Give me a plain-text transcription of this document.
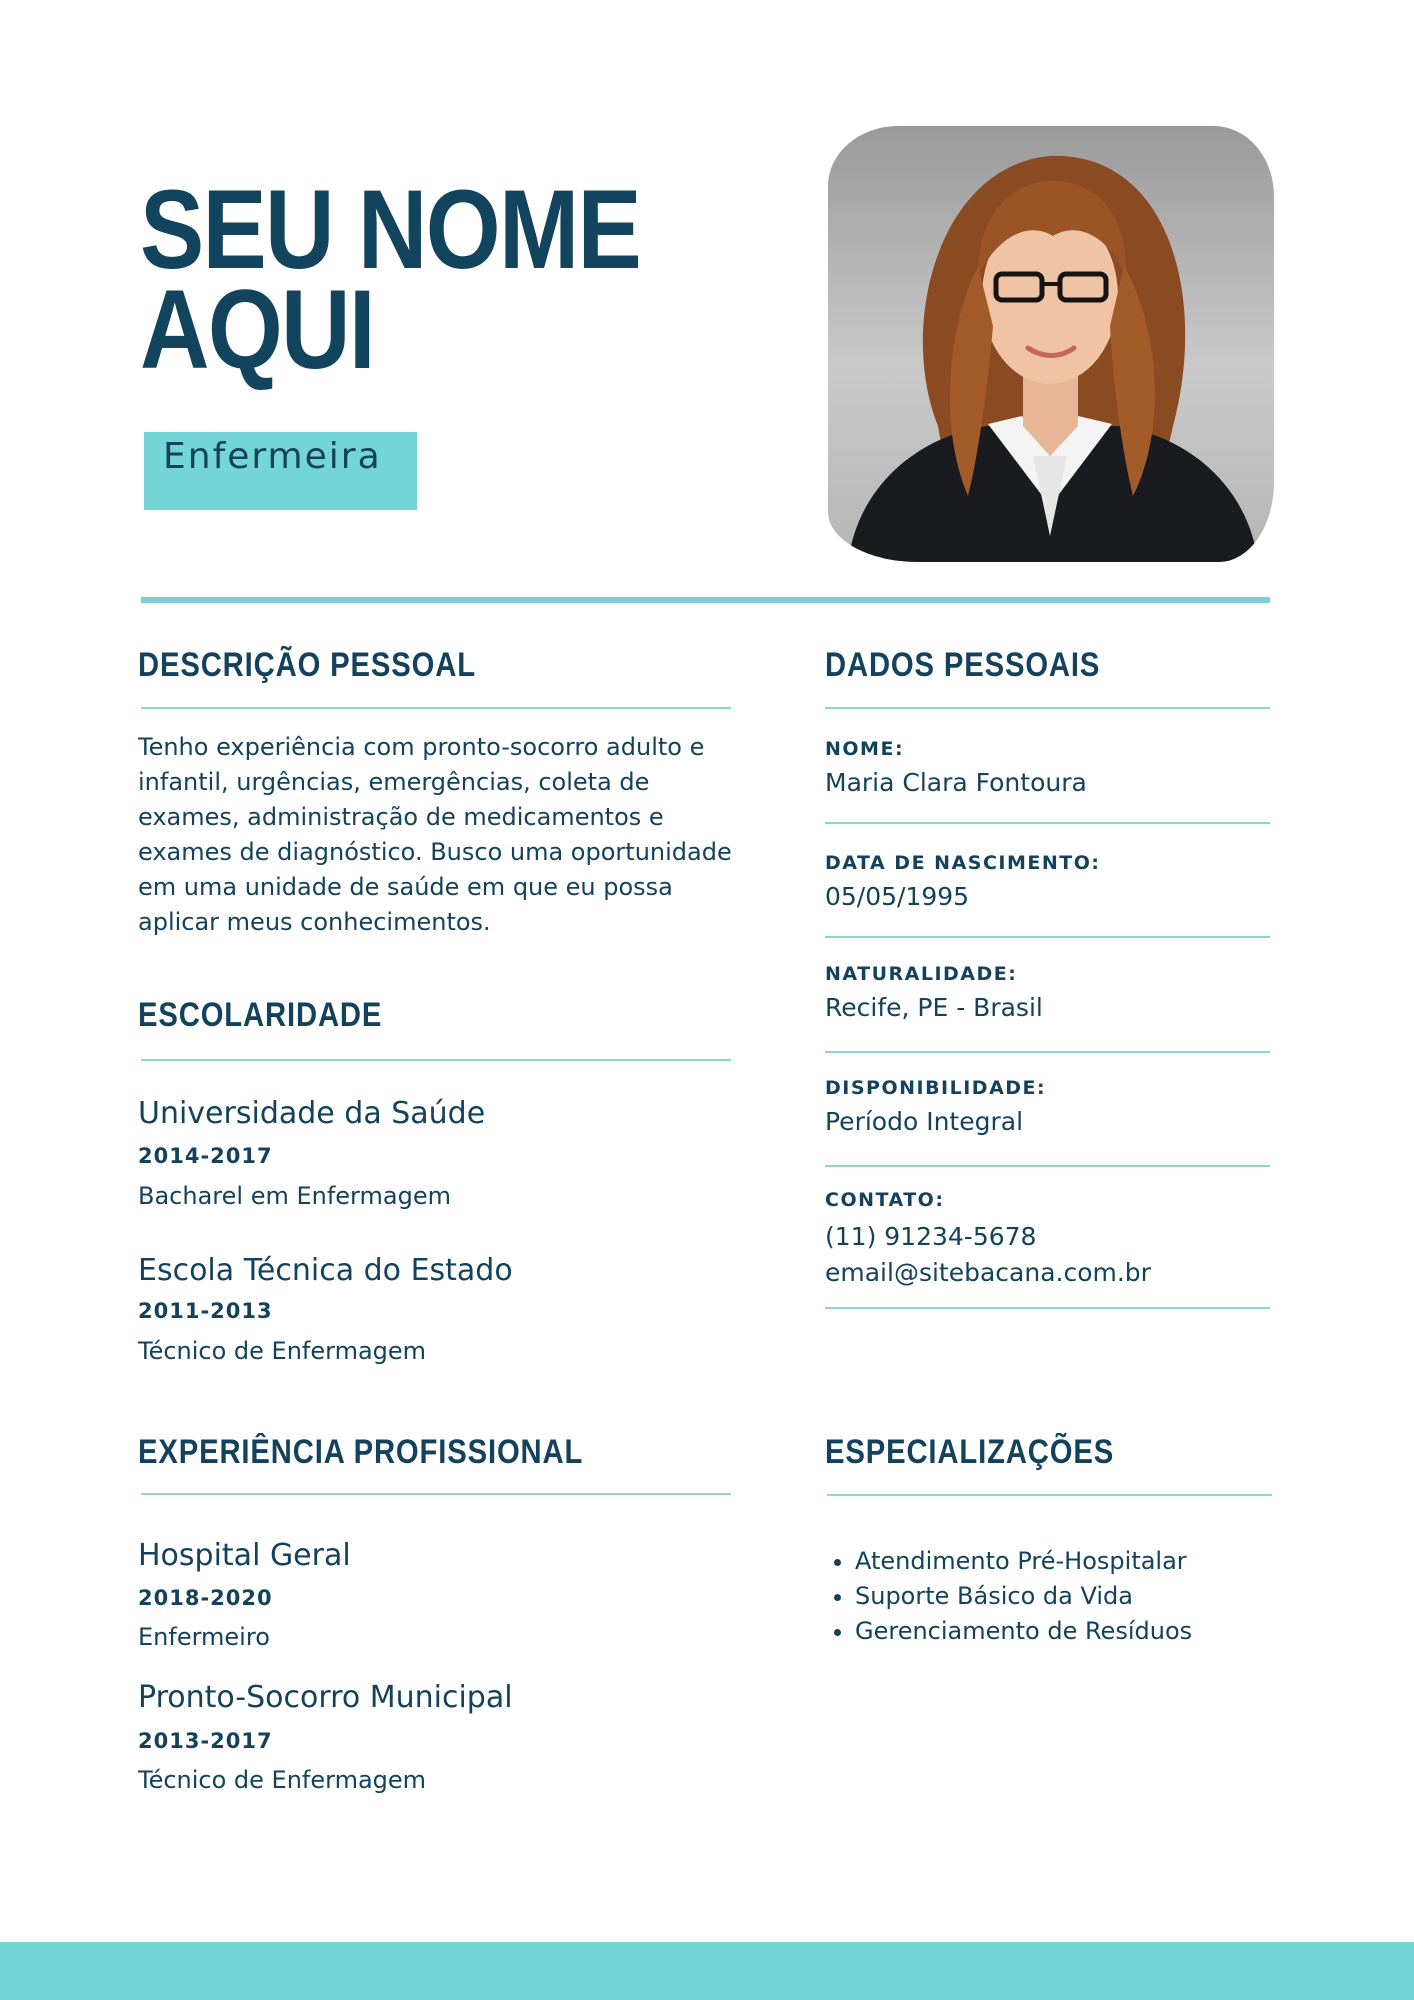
SEU NOME
AQUI
Enfermeira
DESCRIÇÃO PESSOAL

Tenho experiência com pronto-socorro adulto e infantil, urgências, emergências, coleta de exames, administração de medicamentos e exames de diagnóstico. Busco uma oportunidade em uma unidade de saúde em que eu possa aplicar meus conhecimentos.

ESCOLARIDADE
Universidade da Saúde
2014-2017
Bacharel em Enfermagem
Escola Técnica do Estado
2011-2013
Técnico de Enfermagem
EXPERIÊNCIA PROFISSIONAL
Hospital Geral
2018-2020
Enfermeiro
Pronto-Socorro Municipal
2013-2017
Técnico de Enfermagem
DADOS PESSOAIS
NOME:
Maria Clara Fontoura
DATA DE NASCIMENTO:
05/05/1995
NATURALIDADE:
Recife, PE - Brasil
DISPONIBILIDADE:
Período Integral
CONTATO:
(11) 91234-5678
email@sitebacana.com.br
ESPECIALIZAÇÕES
• Atendimento Pré-Hospitalar
• Suporte Básico da Vida
• Gerenciamento de Resíduos
